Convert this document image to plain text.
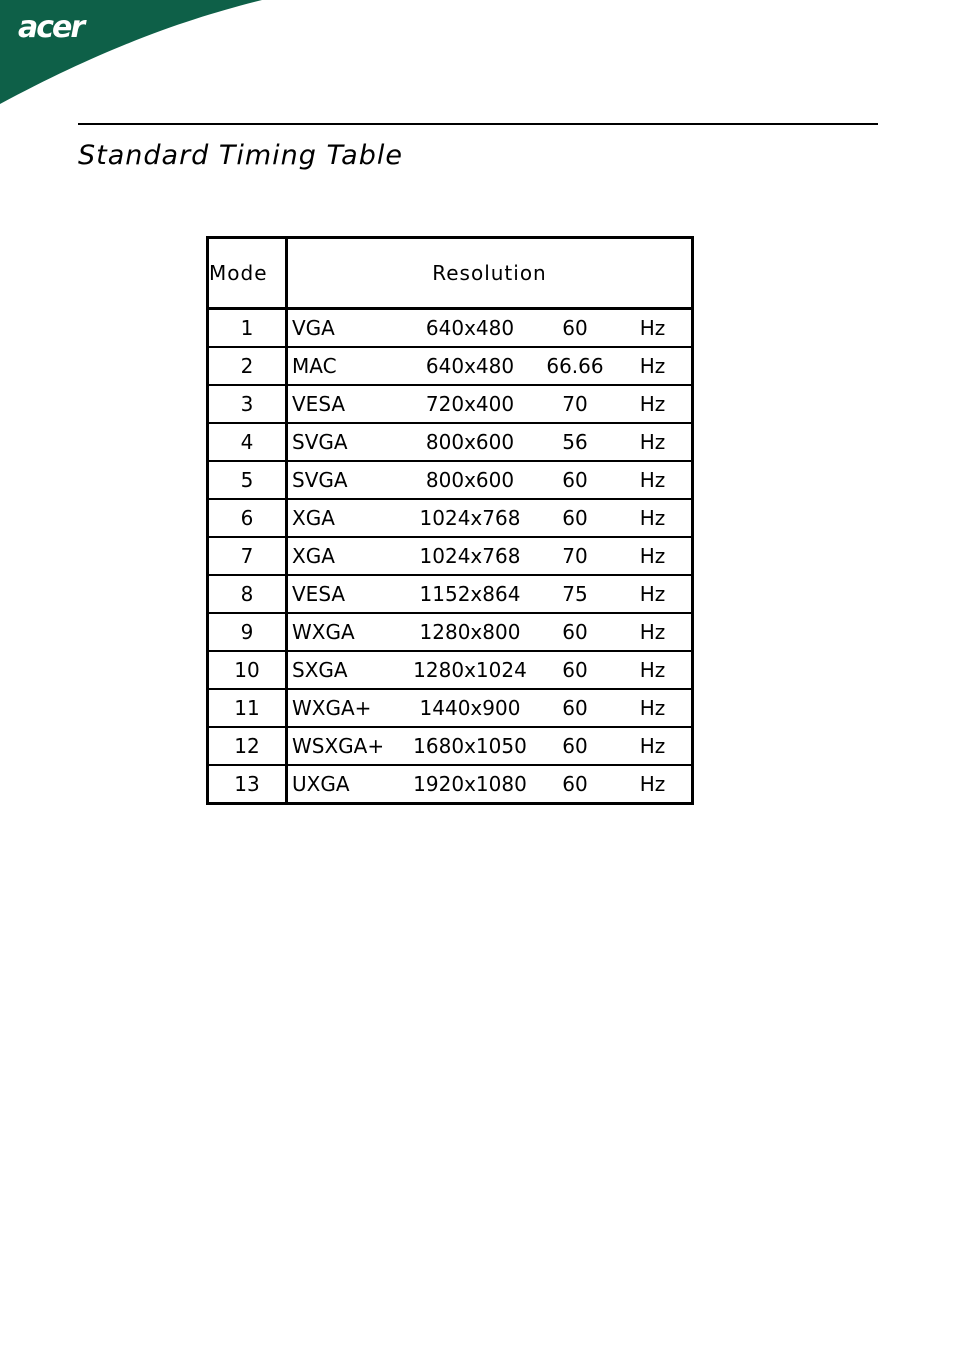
acer
Standard Timing Table
Mode	Resolution			
1	VGA	640x480	60	Hz
2	MAC	640x480	66.66	Hz
3	VESA	720x400	70	Hz
4	SVGA	800x600	56	Hz
5	SVGA	800x600	60	Hz
6	XGA	1024x768	60	Hz
7	XGA	1024x768	70	Hz
8	VESA	1152x864	75	Hz
9	WXGA	1280x800	60	Hz
10	SXGA	1280x1024	60	Hz
11	WXGA+	1440x900	60	Hz
12	WSXGA+	1680x1050	60	Hz
13	UXGA	1920x1080	60	Hz
